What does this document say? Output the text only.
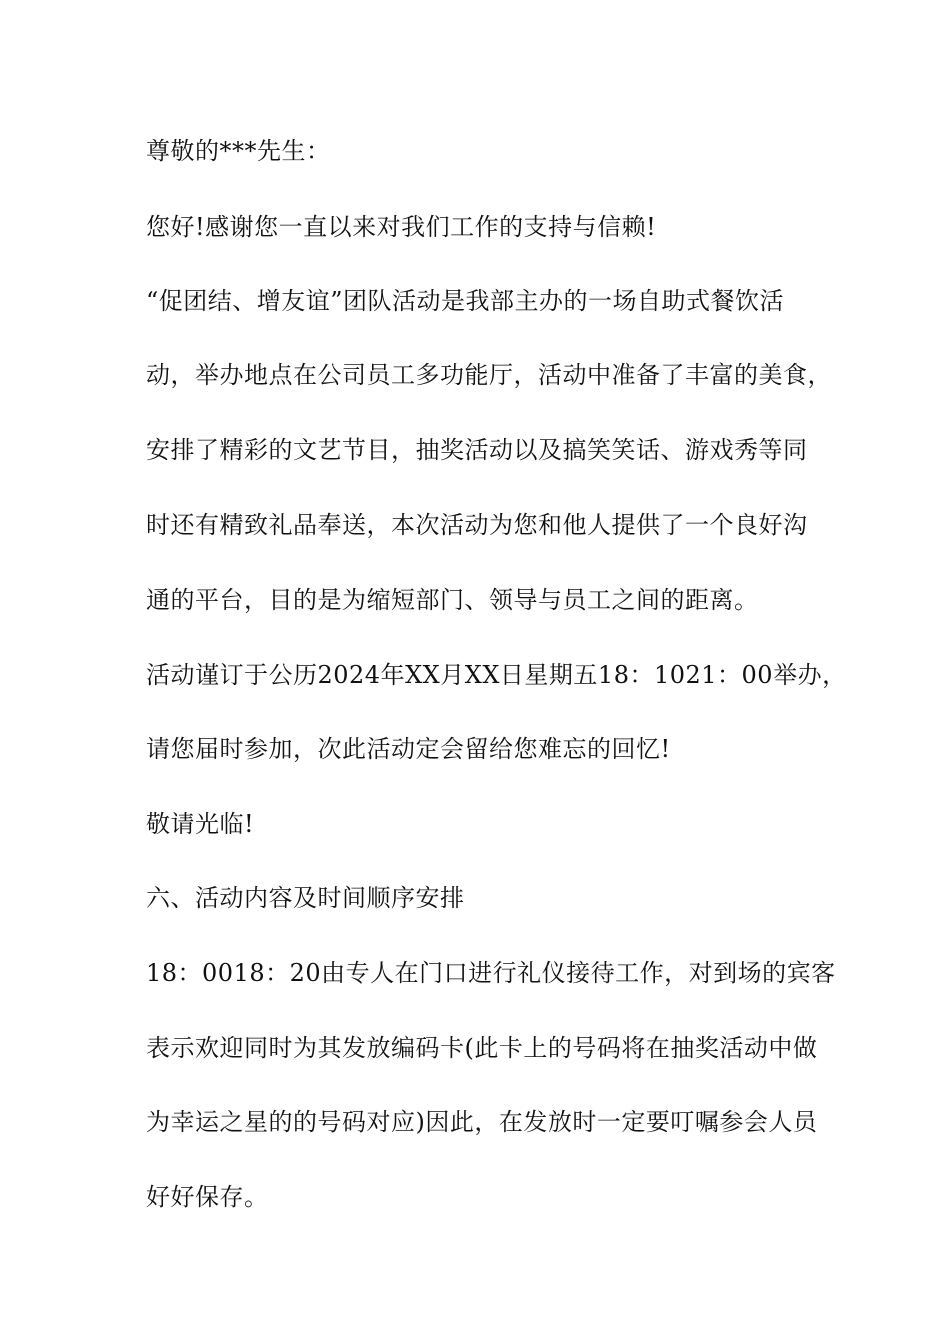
尊敬的***先生：

您好!感谢您一直以来对我们工作的支持与信赖!

“促团结、增友谊”团队活动是我部主办的一场自助式餐饮活

动，举办地点在公司员工多功能厅，活动中准备了丰富的美食，

安排了精彩的文艺节目，抽奖活动以及搞笑笑话、游戏秀等同

时还有精致礼品奉送，本次活动为您和他人提供了一个良好沟

通的平台，目的是为缩短部门、领导与员工之间的距离。

活动谨订于公历2024年XX月XX日星期五18：1021：00举办，

请您届时参加，次此活动定会留给您难忘的回忆!

敬请光临!

六、活动内容及时间顺序安排

18：0018：20由专人在门口进行礼仪接待工作，对到场的宾客

表示欢迎同时为其发放编码卡(此卡上的号码将在抽奖活动中做

为幸运之星的的号码对应)因此，在发放时一定要叮嘱参会人员

好好保存。
